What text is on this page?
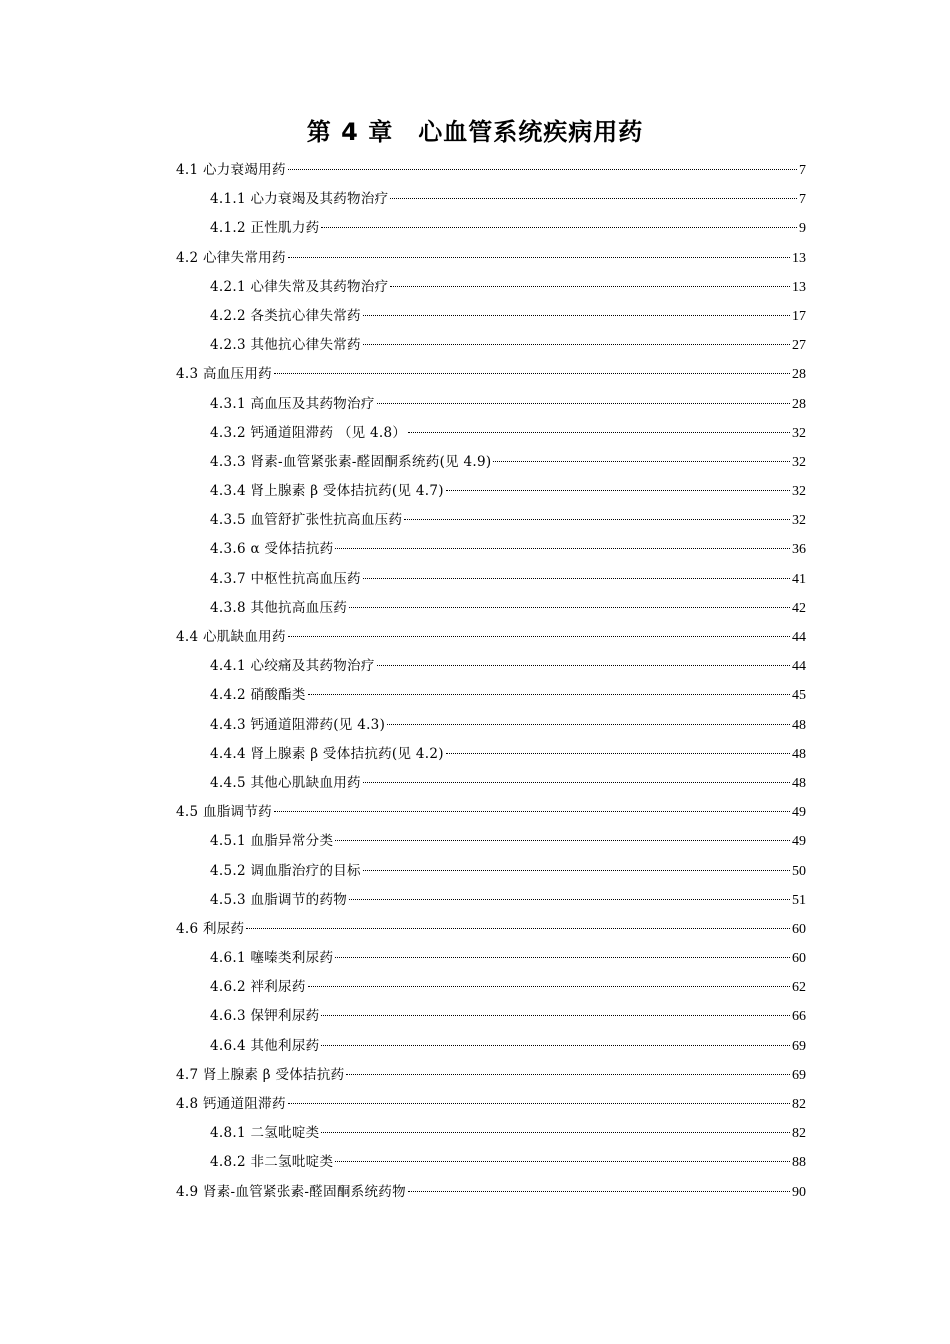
第 4 章　心血管系统疾病用药
4.1 心力衰竭用药	7
4.1.1 心力衰竭及其药物治疗	7
4.1.2 正性肌力药	9
4.2 心律失常用药	13
4.2.1 心律失常及其药物治疗	13
4.2.2 各类抗心律失常药	17
4.2.3 其他抗心律失常药	27
4.3 高血压用药	28
4.3.1 高血压及其药物治疗	28
4.3.2 钙通道阻滞药 （见 4.8）	32
4.3.3 肾素-血管紧张素-醛固酮系统药(见 4.9)	32
4.3.4 肾上腺素 β 受体拮抗药(见 4.7)	32
4.3.5 血管舒扩张性抗高血压药	32
4.3.6 α 受体拮抗药	36
4.3.7 中枢性抗高血压药	41
4.3.8 其他抗高血压药	42
4.4 心肌缺血用药	44
4.4.1 心绞痛及其药物治疗	44
4.4.2 硝酸酯类	45
4.4.3 钙通道阻滞药(见 4.3)	48
4.4.4 肾上腺素 β 受体拮抗药(见 4.2)	48
4.4.5 其他心肌缺血用药	48
4.5 血脂调节药	49
4.5.1 血脂异常分类	49
4.5.2 调血脂治疗的目标	50
4.5.3 血脂调节的药物	51
4.6 利尿药	60
4.6.1 噻嗪类利尿药	60
4.6.2 袢利尿药	62
4.6.3 保钾利尿药	66
4.6.4 其他利尿药	69
4.7 肾上腺素 β 受体拮抗药	69
4.8 钙通道阻滞药	82
4.8.1 二氢吡啶类	82
4.8.2 非二氢吡啶类	88
4.9 肾素-血管紧张素-醛固酮系统药物	90
